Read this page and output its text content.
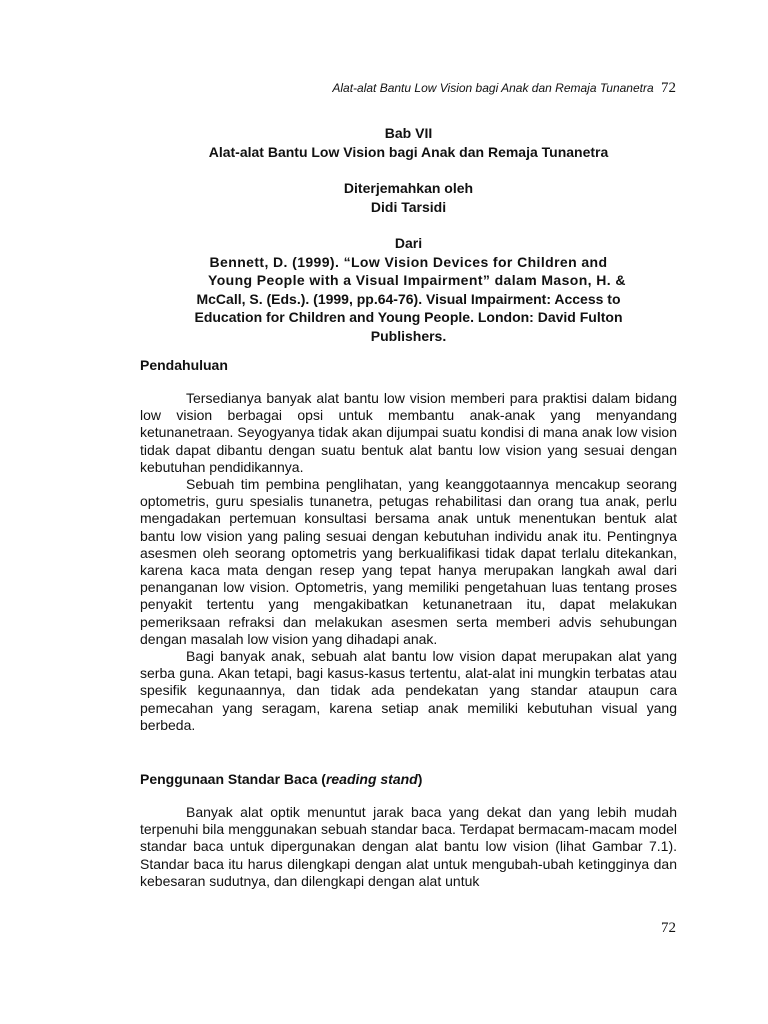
Alat-alat Bantu Low Vision bagi Anak dan Remaja Tunanetra 72
Bab VII
Alat-alat Bantu Low Vision bagi Anak dan Remaja Tunanetra
Diterjemahkan oleh
Didi Tarsidi
Dari
Bennett, D. (1999). “Low Vision Devices for Children and
Young People with a Visual Impairment” dalam Mason, H. &
McCall, S. (Eds.). (1999, pp.64-76). Visual Impairment: Access to
Education for Children and Young People. London: David Fulton
Publishers.
Pendahuluan

Tersedianya banyak alat bantu low vision memberi para praktisi dalam bidang low vision berbagai opsi untuk membantu anak-anak yang menyandang ketunanetraan. Seyogyanya tidak akan dijumpai suatu kondisi di mana anak low vision tidak dapat dibantu dengan suatu bentuk alat bantu low vision yang sesuai dengan kebutuhan pendidikannya.

Sebuah tim pembina penglihatan, yang keanggotaannya mencakup seorang optometris, guru spesialis tunanetra, petugas rehabilitasi dan orang tua anak, perlu mengadakan pertemuan konsultasi bersama anak untuk menentukan bentuk alat bantu low vision yang paling sesuai dengan kebutuhan individu anak itu. Pentingnya asesmen oleh seorang optometris yang berkualifikasi tidak dapat terlalu ditekankan, karena kaca mata dengan resep yang tepat hanya merupakan langkah awal dari penanganan low vision. Optometris, yang memiliki pengetahuan luas tentang proses penyakit tertentu yang mengakibatkan ketunanetraan itu, dapat melakukan pemeriksaan refraksi dan melakukan asesmen serta memberi advis sehubungan dengan masalah low vision yang dihadapi anak.

Bagi banyak anak, sebuah alat bantu low vision dapat merupakan alat yang serba guna. Akan tetapi, bagi kasus-kasus tertentu, alat-alat ini mungkin terbatas atau spesifik kegunaannya, dan tidak ada pendekatan yang standar ataupun cara pemecahan yang seragam, karena setiap anak memiliki kebutuhan visual yang berbeda.

Penggunaan Standar Baca (reading stand)

Banyak alat optik menuntut jarak baca yang dekat dan yang lebih mudah terpenuhi bila menggunakan sebuah standar baca. Terdapat bermacam-macam model standar baca untuk dipergunakan dengan alat bantu low vision (lihat Gambar 7.1). Standar baca itu harus dilengkapi dengan alat untuk mengubah-ubah ketingginya dan kebesaran sudutnya, dan dilengkapi dengan alat untuk

72
